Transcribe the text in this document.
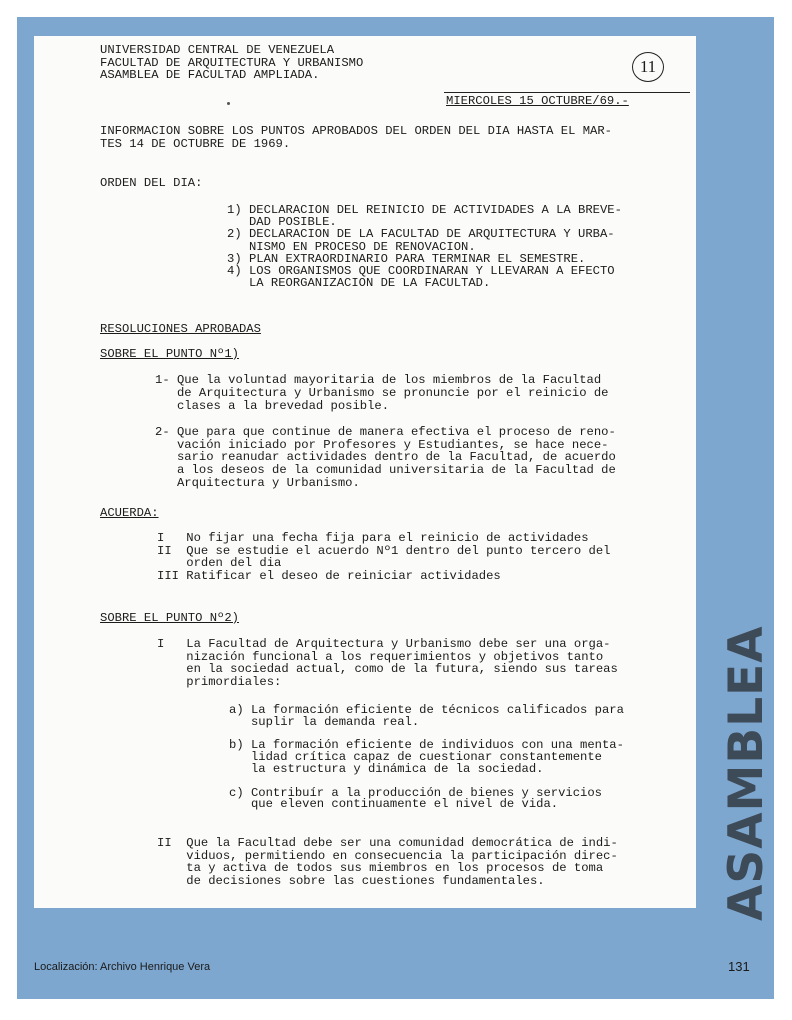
11
UNIVERSIDAD CENTRAL DE VENEZUELA
FACULTAD DE ARQUITECTURA Y URBANISMO
ASAMBLEA DE FACULTAD AMPLIADA.
MIERCOLES 15 OCTUBRE/69.-
INFORMACION SOBRE LOS PUNTOS APROBADOS DEL ORDEN DEL DIA HASTA EL MAR-
TES 14 DE OCTUBRE DE 1969.
ORDEN DEL DIA:
1) DECLARACION DEL REINICIO DE ACTIVIDADES A LA BREVE-
DAD POSIBLE.
2) DECLARACION DE LA FACULTAD DE ARQUITECTURA Y URBA-
NISMO EN PROCESO DE RENOVACION.
3) PLAN EXTRAORDINARIO PARA TERMINAR EL SEMESTRE.
4) LOS ORGANISMOS QUE COORDINARAN Y LLEVARAN A EFECTO
LA REORGANIZACION DE LA FACULTAD.
RESOLUCIONES APROBADAS
SOBRE EL PUNTO Nº1)
1- Que la voluntad mayoritaria de los miembros de la Facultad
de Arquitectura y Urbanismo se pronuncie por el reinicio de
clases a la brevedad posible.
2- Que para que continue de manera efectiva el proceso de reno-
vación iniciado por Profesores y Estudiantes, se hace nece-
sario reanudar actividades dentro de la Facultad, de acuerdo
a los deseos de la comunidad universitaria de la Facultad de
Arquitectura y Urbanismo.
ACUERDA:
I   No fijar una fecha fija para el reinicio de actividades
II  Que se estudie el acuerdo Nº1 dentro del punto tercero del
orden del dia
III Ratificar el deseo de reiniciar actividades
SOBRE EL PUNTO Nº2)
I   La Facultad de Arquitectura y Urbanismo debe ser una orga-
nización funcional a los requerimientos y objetivos tanto
en la sociedad actual, como de la futura, siendo sus tareas
primordiales:
a) La formación eficiente de técnicos calificados para
suplir la demanda real.
b) La formación eficiente de individuos con una menta-
lidad crítica capaz de cuestionar constantemente
la estructura y dinámica de la sociedad.
c) Contribuír a la producción de bienes y servicios
que eleven continuamente el nivel de vida.
II  Que la Facultad debe ser una comunidad democrática de indi-
viduos, permitiendo en consecuencia la participación direc-
ta y activa de todos sus miembros en los procesos de toma
de decisiones sobre las cuestiones fundamentales.	ASAMBLEA
Localización: Archivo Henrique Vera	131
